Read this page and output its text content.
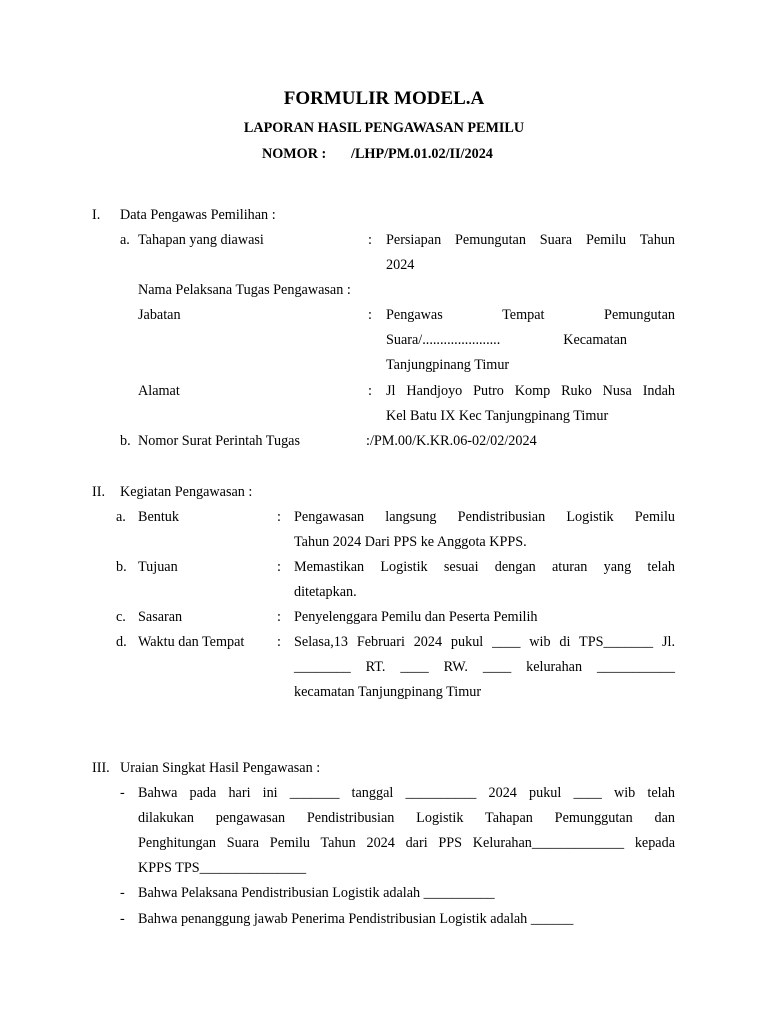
FORMULIR MODEL.A
LAPORAN HASIL PENGAWASAN PEMILU
NOMOR : /LHP/PM.01.02/II/2024
I. Data Pengawas Pemilihan :
a. Tahapan yang diawasi	: Persiapan Pemungutan Suara Pemilu Tahun
2024
Nama Pelaksana Tugas Pengawasan :
Jabatan	: Pengawas Tempat Pemungutan
Suara/...................... Kecamatan
Tanjungpinang Timur
Alamat	: Jl Handjoyo Putro Komp Ruko Nusa Indah
Kel Batu IX Kec Tanjungpinang Timur
b. Nomor Surat Perintah Tugas	:/PM.00/K.KR.06-02/02/2024
II. Kegiatan Pengawasan :
a. Bentuk	: Pengawasan langsung Pendistribusian Logistik Pemilu
Tahun 2024 Dari PPS ke Anggota KPPS.
b. Tujuan	: Memastikan Logistik sesuai dengan aturan yang telah
ditetapkan.
c. Sasaran	: Penyelenggara Pemilu dan Peserta Pemilih
d. Waktu dan Tempat : Selasa,13 Februari 2024 pukul ____ wib di TPS_______ Jl.
________ RT. ____ RW. ____ kelurahan ___________
kecamatan Tanjungpinang Timur
III. Uraian Singkat Hasil Pengawasan :
- Bahwa pada hari ini _______ tanggal __________ 2024 pukul ____ wib telah
dilakukan pengawasan Pendistribusian Logistik Tahapan Pemunggutan dan
Penghitungan Suara Pemilu Tahun 2024 dari PPS Kelurahan_____________ kepada
KPPS TPS_______________
- Bahwa Pelaksana Pendistribusian Logistik adalah __________
- Bahwa penanggung jawab Penerima Pendistribusian Logistik adalah ______
